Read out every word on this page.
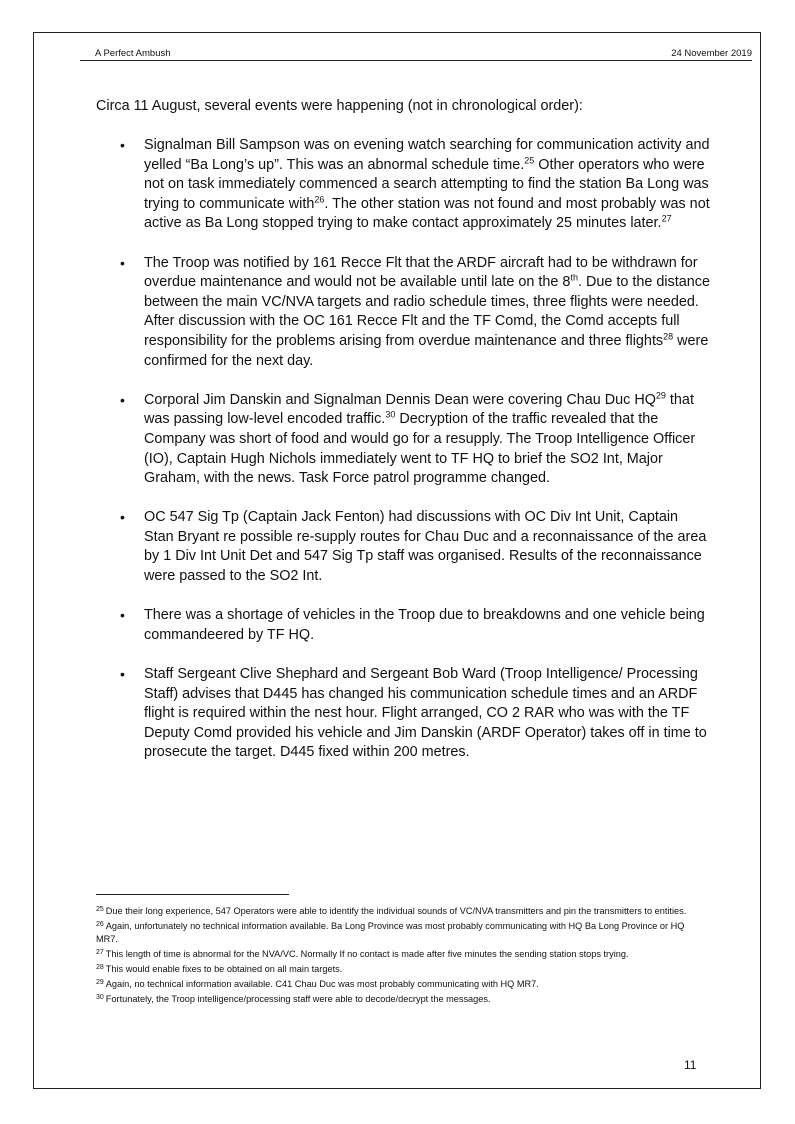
A Perfect Ambush	24 November 2019
Circa 11 August, several events were happening (not in chronological order):

• Signalman Bill Sampson was on evening watch searching for communication activity and yelled “Ba Long’s up”. This was an abnormal schedule time.$^{25}$ Other operators who were not on task immediately commenced a search attempting to find the station Ba Long was trying to communicate with$^{26}$. The other station was not found and most probably was not active as Ba Long stopped trying to make contact approximately 25 minutes later.$^{27}$

• The Troop was notified by 161 Recce Flt that the ARDF aircraft had to be withdrawn for overdue maintenance and would not be available until late on the 8th. Due to the distance between the main VC/NVA targets and radio schedule times, three flights were needed. After discussion with the OC 161 Recce Flt and the TF Comd, the Comd accepts full responsibility for the problems arising from overdue maintenance and three flights$^{28}$ were confirmed for the next day.

• Corporal Jim Danskin and Signalman Dennis Dean were covering Chau Duc HQ$^{29}$ that was passing low-level encoded traffic.$^{30}$ Decryption of the traffic revealed that the Company was short of food and would go for a resupply. The Troop Intelligence Officer (IO), Captain Hugh Nichols immediately went to TF HQ to brief the SO2 Int, Major Graham, with the news. Task Force patrol programme changed.

• OC 547 Sig Tp (Captain Jack Fenton) had discussions with OC Div Int Unit, Captain Stan Bryant re possible re-supply routes for Chau Duc and a reconnaissance of the area by 1 Div Int Unit Det and 547 Sig Tp staff was organised. Results of the reconnaissance were passed to the SO2 Int.

• There was a shortage of vehicles in the Troop due to breakdowns and one vehicle being commandeered by TF HQ.

• Staff Sergeant Clive Shephard and Sergeant Bob Ward (Troop Intelligence/ Processing Staff) advises that D445 has changed his communication schedule times and an ARDF flight is required within the nest hour. Flight arranged, CO 2 RAR who was with the TF Deputy Comd provided his vehicle and Jim Danskin (ARDF Operator) takes off in time to prosecute the target. D445 fixed within 200 metres.

$^{25}$ Due their long experience, 547 Operators were able to identify the individual sounds of VC/NVA transmitters and pin the transmitters to entities.

$^{26}$ Again, unfortunately no technical information available. Ba Long Province was most probably communicating with HQ Ba Long Province or HQ MR7.

$^{27}$ This length of time is abnormal for the NVA/VC. Normally If no contact is made after five minutes the sending station stops trying.

$^{28}$ This would enable fixes to be obtained on all main targets.

$^{29}$ Again, no technical information available. C41 Chau Duc was most probably communicating with HQ MR7.

$^{30}$ Fortunately, the Troop intelligence/processing staff were able to decode/decrypt the messages.

11
